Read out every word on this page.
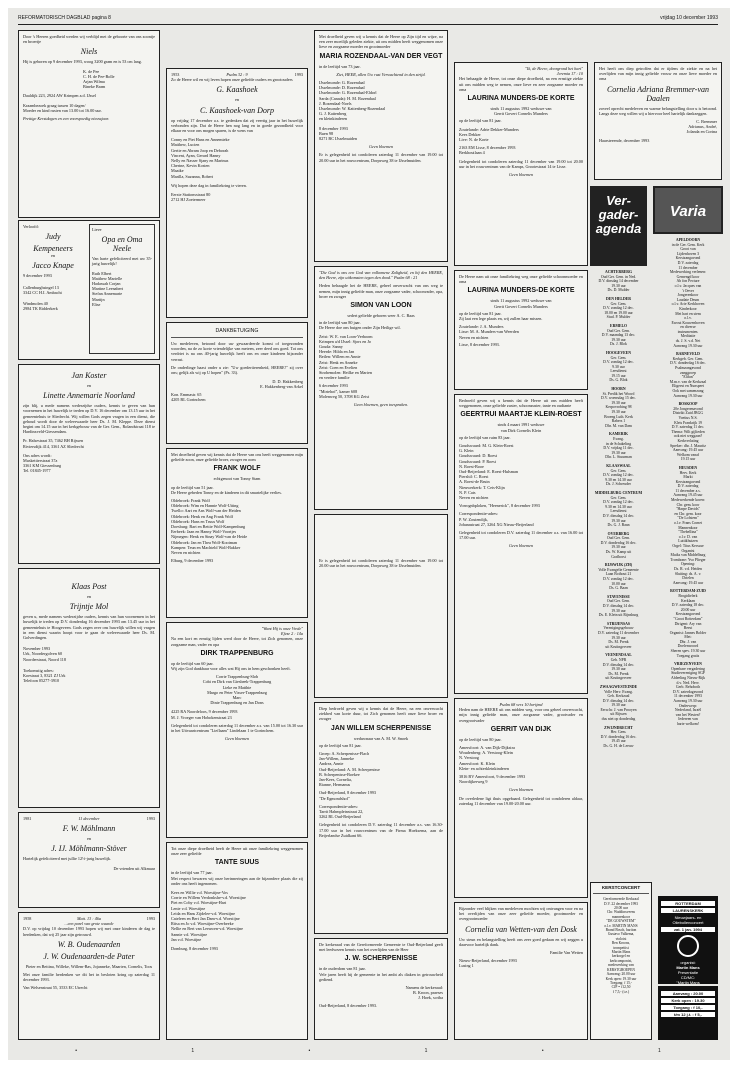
REFORMATORISCH DAGBLAD pagina 8	vrijdag 10 december 1993
Door 's Heeren goedheid werden wij verblijd met de geboorte van ons zoontje en broertje
Niels
Hij is geboren op 9 december 1993, woog 3200 gram en is 53 cm lang.
K. de Pee
C. H. de Pee-Bolle
Arjan Wilma
Bineke Bram
Daaldijk 223, 2924 AW Krimpen a.d. IJssel
Kraambezoek graag tussen 10 dagen/
Moeder en kind rusten van 13.00 tot 16.00 uur.
Prettige Kerstdagen en een voorspoedig nieuwjaar.
Verloofd:
Judy
Kempeneers
en
Jacco Knape
9 december 1993
Callenburghsingel 13
3342 CC H.I. Ambacht
Windmolen 40
2984 TK Ridderkerk
Lieve
Opa en Oma Neele
Van harte gefeliciteerd met uw 35-jarig huwelijk!
Ruth Elbert
Matthew Marielle
Hadassah Corjan
Martine Leenabert
Stefan Annemarie
Martijn
Elise
Jan Koster
en
Linette Annemarie Noorland
zijn blij, u mede namens wederzijdse ouders, kennis te geven van hun voornemen in het huwelijk te treden op D.V. 16 december om 13.15 uur in het gemeentehuis te Sliedrecht. Wij willen Gods zegen vragen in een dienst, die gehoud wordt door de weleerwaarde heer Ds. J. M. Kleppe. Deze dienst begint om 14.15 uur in het kerkgebouw van de Ger. Gem., Rolandstraat 118 te Hardinxveld-Giessendam.
Pr. Halsestraat 35, 7462 BH Rijssen
Riviersdijk 414, 3361 AZ Sliedrecht
Ons adres wordt:
Muskettierstraat 37a
3361 KM Giessenburg
Tel. 01845-1977
Klaas Post
en
Trijntje Mol
geven u, mede namens wederzijdse ouders, kennis van hun voornemen in het huwelijk te treden op D.V. donderdag 16 december 1993 om 13.45 uur in het gemeentehuis te Hoogeveen. Gods zegen over ons huwelijk willen wij vragen in een dienst waarin hoopt voor te gaan de weleerwaarde heer Ds. M. Golverdingen.
November 1993
Urk, Noordergolven 60
Noorderstraat, Noord 118
Toekomstig adres:
Koestraat 3, 8321 ZJ Urk
Telefoon 05277-3910
1981	11 december	1993
F. W. Möhlmann
en
J. IJ. Möhlmann-Stöver
Hartelijk gefeliciteerd met jullie 12½-jarig huwelijk.
De vrienden uit Alkmaar
1958	Matt. 13 : 46a	1993
...een parel van grote waarde
D.V. op vrijdag 10 december 1993 hopen wij met onze kinderen de dag te herdenken, dat wij 25 jaar zijn getrouwd.
W. B. Oudenaarden
J. W. Oudenaarden-de Pater
Pieter en Bettina, Willeke, Willem-Bas, Jojanneke, Maarten, Cornelis, Toos
Met onze familie herdenken we dit het in besloten kring op zaterdag 11 december 1993.
Van Welsenstraat 55, 3533 EC Utrecht
1953	Psalm 32 : 9	1993
Zo de Heere wil en wij leven hopen onze geliefde ouders en grootouders
G. Kaashoek
en
C. Kaashoek-van Dorp
op vrijdag 17 december a.s. te gedenken dat zij veertig jaar in het huwelijk verbonden zijn. Dat de Heere hen nog lang en in goede gezondheid voor elkaar en voor ons mogen sparen, is de wens van
Conny en Piet Hans en Annemieke
Matthew, Lucien
Gertie en Abram Joop en Deborah
Vincent, Ayan, Gerard Hanny
Nelly en Nasser Sjany en Marinus
Cherine, Kevin Kosten
Maaike
Marilla, Suzanna, Robert
Wij hopen deze dag in familiekring te vieren.
Eerste Stationsstraat 80
2712 HJ Zoetermeer
DANKBETUIGING
Uw medeleven, betoond door uw gewaardeerde komst of toegezonden woorden, na de zo korte vriendelijke van meteen, zeer deed ons goed. Tot ons verdriet is na ons 40-jarig huwelijk heeft ons en onze kinderen bijzonder verrast.
De onderlinge haast onder u zie: "Uw goedertierenheid, HEERE!" zij over ons; gelijk als wij op U hopen" (Ps. 33).
D. D. Hakkenberg
E. Hakkenberg-van Arkel
Kon. Emmastr. 65
4205 BL Gorinchem
Met droefheid geven wij kennis dat de Heere van ons heeft weggenomen mijn geliefde zoon, onze geliefde broer, zwager en oom
FRANK WOLF
echtgenoot van Tonny Stam
op de leeftijd van 51 jaar.
De Heere gebeden Tonny en de kinderen in dit smartelijke verlies.
Oldebroek: Frank Wolf
Oldebroek: Wim en Hannie Wolf-Uiting
Twello: Aart en Ans Wolf-van der Heiden
Oldebroek: Henk en Ang Frank Wolf
Oldebroek: Hans en Truus Wolf
Doesburg: Bart en Bettie Wolf-Kampenburg
Eerbeek: Jaan en Hanny Wolf-Voortjes
Nijmegen: Henk en Sinay Wolf-van de Heide
Oldebroek: Jan en Thea Wolf-Kooiman
Kampen: Teun en Machteld Wolf-Bakker
Neven en nichten
Elburg, 9 december 1993
"Want Hij is onze Vrede"
Efeze 2 : 14a
Na een kort en ernstig lijden werd door de Heere, tot Zich genomen, onze zorgzame man, vader en opa
DIRK TRAPPENBURG
op de leeftijd van 60 jaar.
Wij zijn God dankbaar voor alles wat Hij ons in hem geschonken heeft.
Corrie Trappenburg-Slob
Cobi en Dirk van Giesbeek-Trappenburg
Lieke en Matthie
Margo en Peter Visser-Trappenburg
Marc
Dinie Trappenburg en Jan Dons
4225 RA Noordeloos, 9 december 1993
M. J. Vroeger van Hobokenstraat 23
Gelegenheid tot condoleren zaterdag 11 december a.s. van 15.00 tot 16.30 uur in het Uitvaartcentrum "Lieflaam" Lindelaan 1 te Gorinchem.
Geen bloemen
Tot onze diepe droefheid heeft de Heere uit onze familiekring weggenomen onze zeer geliefde
TANTE SUUS
in de leeftijd van 77 jaar.
Met respect bewaren wij onze herinneringen aan de bijzondere plaats die zij onder ons heeft ingenomen.
Kees en Willie v.d. Woestijne-Vos
Corrie en Willem Verdonkshe-v.d. Woestijne
Piet en Coby v.d. Woestijne-Hart
Lenie v.d. Woestijne
Leida en Hans Zijdelee-v.d. Woestijne
Cateleen en Bert Jan Dam-v.d. Woestijne
Ritsa en Jo v.d. Woestijne-Overbeeke
Nellie en Bert van Leeuwen-v.d. Woestijne
Sannie v.d. Woestijne
Jan v.d. Woestijne
Domburg, 8 december 1993
Met droefheid geven wij u kennis dat de Heere op Zijn tijd en wijze, na een zeer moeilijk geleden ziekte, uit ons midden heeft weggenomen onze lieve en zorgzame moeder en grootmoeder
MARIA ROZENDAAL-VAN DER VEGT
in de leeftijd van 73 jaar.
Ziet, HEER, allen Uw rust Verwachtend in den strijd.
IJsselmonde: G. Rozendaal
IJsselmonde: D. Rozendaal
IJsselmonde: G. Rozendaal-Eldorl
Sarda (Canada): H. M. Rozendaal
J. Rozendaal-Noels
IJsselmonde: W. Kattenberg-Rozendaal
G. J. Kattenberg
en kleinkinderen
8 december 1993
Buen 98
8271 BC IJsselmuiden
Geen bloemen
Er is gelegenheid tot condoleren zaterdag 11 december van 19.00 tot 20.00 uur in het rouwcentrum, Dorpsweg 38 te IJsselmuiden.
"Die God is ons een God van volkomene Zaligheid, en bij den HEERE, den Heere, zijn uitkomsten tegen den dood." Psalm 68 : 21
Heden behaagde het de HEERE, geheel onverwacht van ons weg te nemen, mijn innig geliefde man, onze zorgzame vader, schoonvader, opa, broer en zwager
SIMON VAN LOON
sedert geliefde geboren weer A. C. Baas
in de leeftijd van 80 jaar.
De Heere doe ons buigen onder Zijn Heilige wil.
Zeist: W. E. van Loon-Verboom
Krimpen a/d IJssel: Sjors en Jo
Gouda: Sanny
Heerde: Hilda en Jan
Beilen: Willem en Annie
Zeist: Henk en Anneke
Zeist: Coen en Evelien
Strobemolen: Heilke en Marien
en verdere familie
6 december 1993
"Mirtehof", kamer 608
Molenweg 50, 3708 KG Zeist
Geen bloemen, geen toespraken.
Er is gelegenheid tot condoleren zaterdag 11 december van 19.00 tot 20.00 uur in het rouwcentrum, Dorpsweg 38 te IJsselmuiden.
Diep bedroefd geven wij u kennis dat de Heere, na een onverwacht ziekbed van korte duur, tot Zich genomen heeft onze lieve broer en zwager
JAN WILLEM SCHERPENISSE
weduwnaar van A. M. W. Snoek
op de leeftijd van 81 jaar.
Groep: A. Scherpenisse-Flach
Jan-Willem, Janneke
Andrea, Annie
Oud-Beijerland: A. M. Scherpenisse
B. Scherpenisse-Boekee
Jan-Kees, Cornelia,
Rianne, Hermanus
Oud-Beijerland, 8 december 1993
"De Egmondshof"
Correspondentie-adres:
Tarrit Hahmpleinstraat 22,
3262 BL Oud-Beijerland
Gelegenheid tot condoleren D.V. zaterdag 11 december a.s. van 16.30-17.00 uur in het rouwcentrum van de Firma Hoeksema, aan de Beijerlandse Zuidkant 66.
De kerkeraad van de Gereformeerde Gemeente te Oud-Beijerland geeft met leedwezen kennis van het overlijden van de Heer
J. W. SCHERPENISSE
in de ouderdom van 81 jaar.
Vele jaren heeft hij de gemeente in het ambt als diaken in getrouwheid gediend.
Namens de kerkeraad:
B. Kroon, praeses
J. Hoek, scriba
Oud-Beijerland, 8 december 1993.
"Ik, de Heere, doorgrond het hart"
Jeremia 17 : 10
Het behaagde de Heere, tot onze diepe droefheid, na een ernstige ziekte uit ons midden weg te nemen, onze lieve en zeer zorgzame moeder en oma
LAURINA MUNDERS-DE KORTE
sinds 11 augustus 1992 weduwe van
Gerrit Govert Cornelis Munders
op de leeftijd van 81 jaar.
Zoutelande: Adrie Dekker-Munders
Kees Dekker
Live: N. de Korte
2163 EM Lisse, 8 december 1993
Berkhoutlaan 4
Gelegenheid tot condoleren zaterdag 11 december van 19.00 tot 20.00 uur in het rouwcentrum van de Kamps, Grootestraat 14 te Lisse.
Geen bloemen
De Heere nam uit onze familiekring weg onze geliefde schoonmoeder en oma
LAURINA MUNDERS-DE KORTE
sinds 11 augustus 1992 weduwe van
Gerrit Govert Cornelis Munders
op de leeftijd van 81 jaar.
Zij laat een lege plaats en, wij zullen haar missen.
Zoutelande: J. A. Munders
Lisse: M. A. Munders-van Weerden
Neven en nichten
Lisse, 8 december 1993.
Bedroefd geven wij u kennis dat de Heere uit ons midden heeft weggenomen, onze geliefde zuster, schoonzuster, tante en oudtante
GEERTRUI MAARTJE KLEIN-ROEST
sinds 4 maart 1991 weduwe
van Dirk Cornelis Klein
op de leeftijd van ruim 83 jaar.
Goudswaard: M. G. Klein-Roest
G. Klein
Goudswaard: D. Roest
Goudswaard: P. Roest
N. Roest-Booe
Oud-Beijerland: E. Roest-Hulsman
Piershil: C. Roest
A. Roest-de Bruin
Nieuwerkerk: T. Ceis-Klijn
N. P. Cats
Neven en nichten
Vorrognbploken, "Heenerick", 8 december 1993
Correspondentie-adres:
P. W. Zoutendijk,
Johanastraat 27, 3264 XG Nieuw-Beijerland
Gelegenheid tot condoleren D.V. zaterdag 11 december a.s. van 16.00 tot 17.00 uur.
Geen bloemen
Psalm 68 vers 10 berijmd
Heden nam de HEERE uit ons midden weg, voor ons geheel onverwacht, mijn innig geliefde man, onze zorgzame vader, grootvader en overgrootvader
GERRIT VAN DIJK
op de leeftijd van 80 jaar.
Amersfoort: A. van Dijk-Dijkstra
Woudenberg: A. Verstoog-Klein
N. Verstoog
Amersfoort: K. Klein
Klein- en achterkleinkinderen
3816 BV Amersfoort, 9 december 1993
Noordijkerweg 9
Geen bloemen
De overledene ligt thuis opgebaard. Gelegenheid tot condoleren aldaar, zaterdag 11 december van 19.00-20.00 uur.
Bijzonder veel blijken van medeleven mochten wij ontvangen voor en na het overlijden van onze zeer geliefde moeder, grootmoeder en overgrootmoeder
Cornelia van Wetten-van den Dosk
Uw steun en belangstelling heeft ons zeer goed gedaan en wij zeggen u daarvoor hartelijk dank.
Familie Van Wetten
Nieuw-Beijerland, december 1993
Lusing 1
Het heeft ons diep getroffen dat er tijdens de ziekte en na het overlijden van mijn innig geliefde vrouw en onze lieve moeder en oma
Cornelia Adriana Bremmer-van Daalen
zoveel oprecht medeleven en warme belangstelling door u is betoond. Langs deze weg willen wij u hiervoor heel hartelijk dankzeggen.
C. Bremmer
Adrianus, André,
Jolanda en Corina
Haarsteeende, december 1993
Ver-
gader-
agenda
Varia
ACHTERBERG
Oud Ger. Gem. in Ned.
D.V. dinsdag 14 december
19.30 uur
Ds. D. Mulder
DEN HELDER
Ger. Gem.
D.V. zondag 12 dec.
18.00 en 19.00 uur
Stud. P. Mulder
ERMELO
Oud Ger. Gem.
D.V. maandag 13 dec.
19.30 uur
Ds. J. Blok
HOOGEVEEN
Ger. Gem.
D.V. zondag 12 dec.
9.30 uur
Leesdienst
19.15 uur
Ds. G. Blok
HOORN
St. Predik het Woord
D.V. woensdag 15 dec.
19.30 uur
Kerpovrobing 98
19.30 uur
Broeng Luth. Kerk
Rabers 1
Dhr. M. van Dam
KAMERIK
Evang.
in de Schakeling
D.V. vrijdag 11 dec.
19.30 uur
Dhr. L. Stuurman
KLAASWAAL
Ger. Gem.
D.V. zondag 12 dec.
9.30 en 14.30 uur
Ds. J. Schreuder
MIDDELBURG CENTRUM
Ger. Gem.
D.V. zondag 12 dec.
9.30 en 14.30 uur
Leesdienst
D.V. dinsdag 14 dec.
19.30 uur
Ds. G. J. Baan
OVERBERG
Oud Ger. Gem.
D.V. donderdag 16 dec.
19.30 uur
Ds. W. Kamp uit
Grafhorst
RIJSWIJK (ZH)
Volle Evangelie Gemeente
Laan Bothout 21
D.V. zondag 12 dec.
10.00 uur
Ds. G. Baan
STAVENISSE
Oud Ger. Gem.
D.V. dinsdag 14 dec.
19.30 uur
Ds. E. Klein uit Rijnsburg
STRIJENSAS
Verenigingsgebouw
D.V. zaterdag 11 december
19.30 uur
Ds. M. Prenk
uit Krutingerveer
VEENENDAAL
Geb. NPR
D.V. dinsdag 14 dec.
19.30 uur
Ds. M. Prenk
uit Krutingerveer
ZWAAGWESTEINDE
Volle Herv. Evang.
Geb. Kerkzaal
D.V. dinsdag 14 dec.
19.30 uur
Eerw.hr. J. van Prooyen
uit Rijssen
dus niet op donderdag
ZWIJNDRECHT
Her. Gem.
D.V. donderdag 16 dec.
19.45 uur
Ds. G. H. de Leeuw
APELDOORN
in de Ger. Gem. Kerk
Groot van
Lijdenhoven 3
Kerstzangavond
D.V. zaterdag
11 december
Medewerking verlenen:
Gemengd koor
Ab fon Pecture
o.l.v. Jacques van
't Oever
Jongerenkoor
Laudate Deum
o.l.v. Arie Kerkhoven
Kinderkoor
Met hart en stem
o.l.v.
Ewout Kouwenhoven
en diverse
instrumenten.
Meditatie
ds. J. S. v.d. Net
Aanvang 19.30 uur
BARNEVELD
Kerkgeb. Ger. Gem.
D.V. donderdag 16 dec.
Psalmzangavond
zanggroep
"Elifan"
M.m.v. van de Kerkzaal
Eligeest en Nunspeet
Ook met samenzang
Aanvang 19.30 uur
BOSKOOP
20e Jongerenavond
Distrikt Zuid JBGG
Voetius N.S.
Kleis Frankrijk 19
D.V. zaterdag 11 dec.
Thema: Wilt gijlieden
ook niet weggaan?
Kerkverlating
Spreker: dhr. J. Mauritz
Aanvang: 19.45 uur
Welkom vanaf
19.15 uur
HEUSDEN
Herv. Kerk
Markt
Kerstzangavond
D.V. zaterdag
11 december a.s.
Aanvang 19.45 uur
Medewerkende koren:
Chr. gem. koor
"Harpe Davids"
en Chr. gem. koor
"De Lofstem"
o.l.v. Frans Cornet
Mannenkoor
"Thebellina"
o.l.v. D. van
Luttikhuizen
Orgel: Titus Kerssue
Organist
Muiks van Middelburg
Trombone: Yvo Plieger
Opening:
Ds. R. v.d. Heiden
Sluiting: ds. A. v.
Drielen
Aanvang: 19.45 uur
ROTTERDAM-ZUID
Brogtdielerk
Kerklaan
D.V. zaterdag 18 dec.
20.00 uur
Kerstzangavond
"Groot Rotterdam"
Dirigent: Ary van
Beest
Organist: Jannes Bolder
Met:
Dhr. J. van
Doelenwoord
Sheren spev. 19.30 uur
Toegang gratis
VRIEZENVEEN
Openbare vergadering
Studievereniging SGP
Afdeeling Nieuw-Rijk
d.v. Ned. Herv.
Gerb. Rehoboth
D.V. zaterdagavond
11 december 1993
Aanvang 19.30 uur
Onderwerp:
Nederland, Israël
van het Westen?
Iedereen van
harte welkom!
KERSTCONCERT
Gereformeerde Kerkzaal
D.V. 22 december 1993
20.00 uur
Chr. Waddinxveens
mannenkoor
"DE GOUWSTEM"
o.l.v. MARTIN MANS
Brand Bosch, bariton
Gustavo Valkema,
violoist
Ben Kroons,
trompettist
Martin Mans
kerkorgel en
kerkcomponist,
medewerking van
KERSTGROEPEN
Aanvang: 20.00 uur
Kerk open: 19.30 uur
Toegang: f 15,-
CJP = f12,50
f 7,5,- (t.e.)
ROTTERDAM
LAURENSKERK
Nieuwjaars- en
Oliebollenconcert
zat. 1 jan. 1994
organist:
Martin Mans
Presentatie
CD/MC:
"Martin Mans
Aanvang : 20.00
Kerk open : 19.30
Toegang : f 10,-
t/m 12 j.t. : f 5,-
•	1	•	1	•	1
